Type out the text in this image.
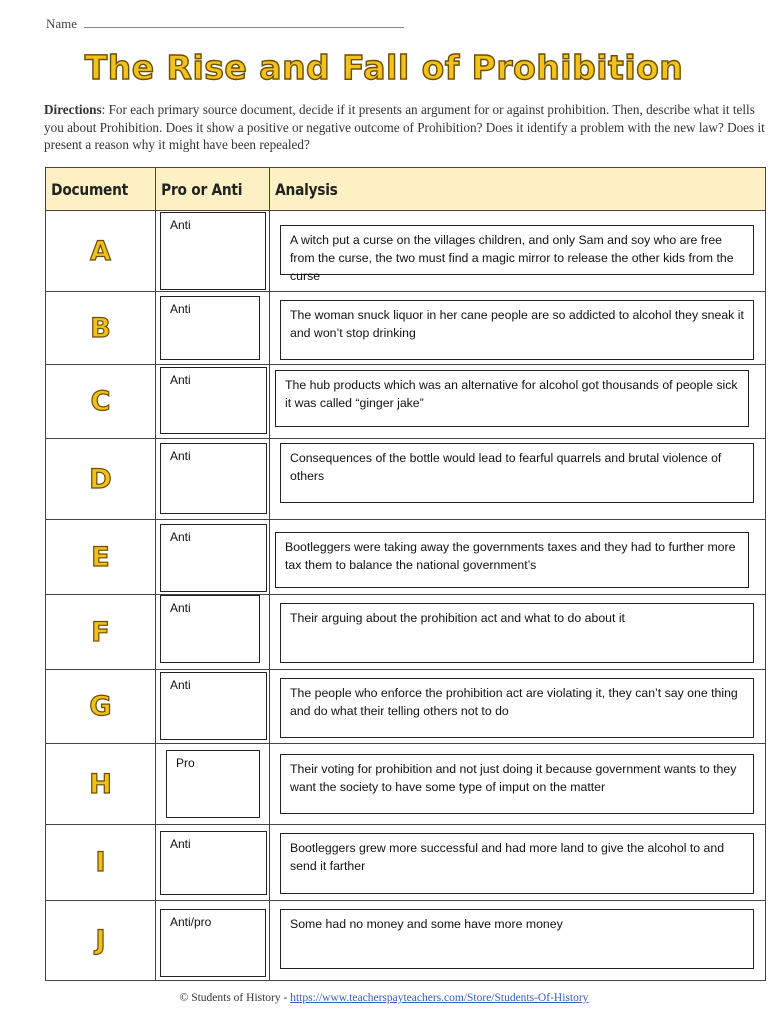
Name
The Rise and Fall of Prohibition
Directions: For each primary source document, decide if it presents an argument for or against prohibition. Then, describe what it tells you about Prohibition. Does it show a positive or negative outcome of Prohibition? Does it identify a problem with the new law? Does it present a reason why it might have been repealed?
Document	Pro or Anti	Analysis
A	Anti	A witch put a curse on the villages children, and only Sam and soy who are free from the curse, the two must find a magic mirror to release the other kids from the curse

B	Anti	The woman snuck liquor in her cane people are so addicted to alcohol they sneak it and won’t stop drinking

C	Anti	The hub products which was an alternative for alcohol got thousands of people sick it was called “ginger jake”

D	Anti	Consequences of the bottle would lead to fearful quarrels and brutal violence of others

E	Anti	Bootleggers were taking away the governments taxes and they had to further more tax them to balance the national government’s

F	Anti	Their arguing about the prohibition act and what to do about it

G	Anti	The people who enforce the prohibition act are violating it, they can’t say one thing and do what their telling others not to do

H	Pro	Their voting for prohibition and not just doing it because government wants to they want the society to have some type of imput on the matter

I	Anti	Bootleggers grew more successful and had more land to give the alcohol to and send it farther

J	Anti/pro	Some had no money and some have more money
© Students of History - https://www.teacherspayteachers.com/Store/Students-Of-History
